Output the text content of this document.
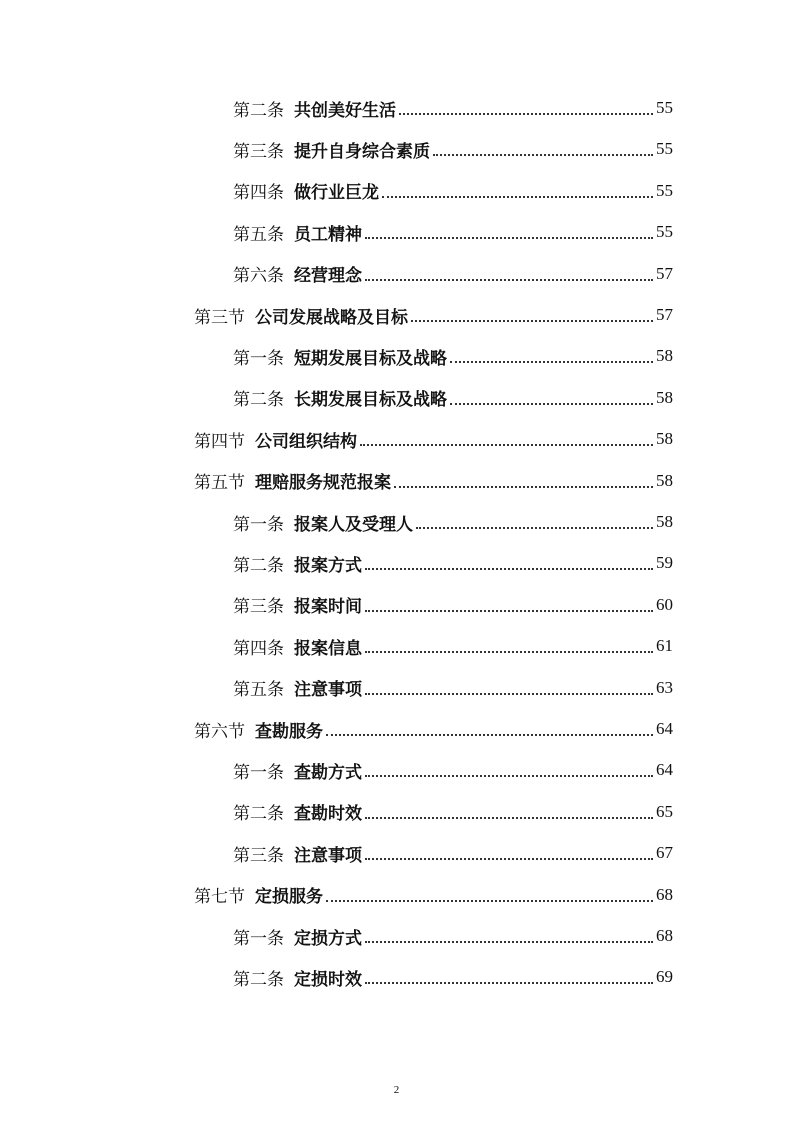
第二条 共创美好生活	55
第三条 提升自身综合素质	55
第四条 做行业巨龙	55
第五条 员工精神	55
第六条 经营理念	57
第三节 公司发展战略及目标	57
第一条 短期发展目标及战略	58
第二条 长期发展目标及战略	58
第四节 公司组织结构	58
第五节 理赔服务规范报案	58
第一条 报案人及受理人	58
第二条 报案方式	59
第三条 报案时间	60
第四条 报案信息	61
第五条 注意事项	63
第六节 查勘服务	64
第一条 查勘方式	64
第二条 查勘时效	65
第三条 注意事项	67
第七节 定损服务	68
第一条 定损方式	68
第二条 定损时效	69
2
